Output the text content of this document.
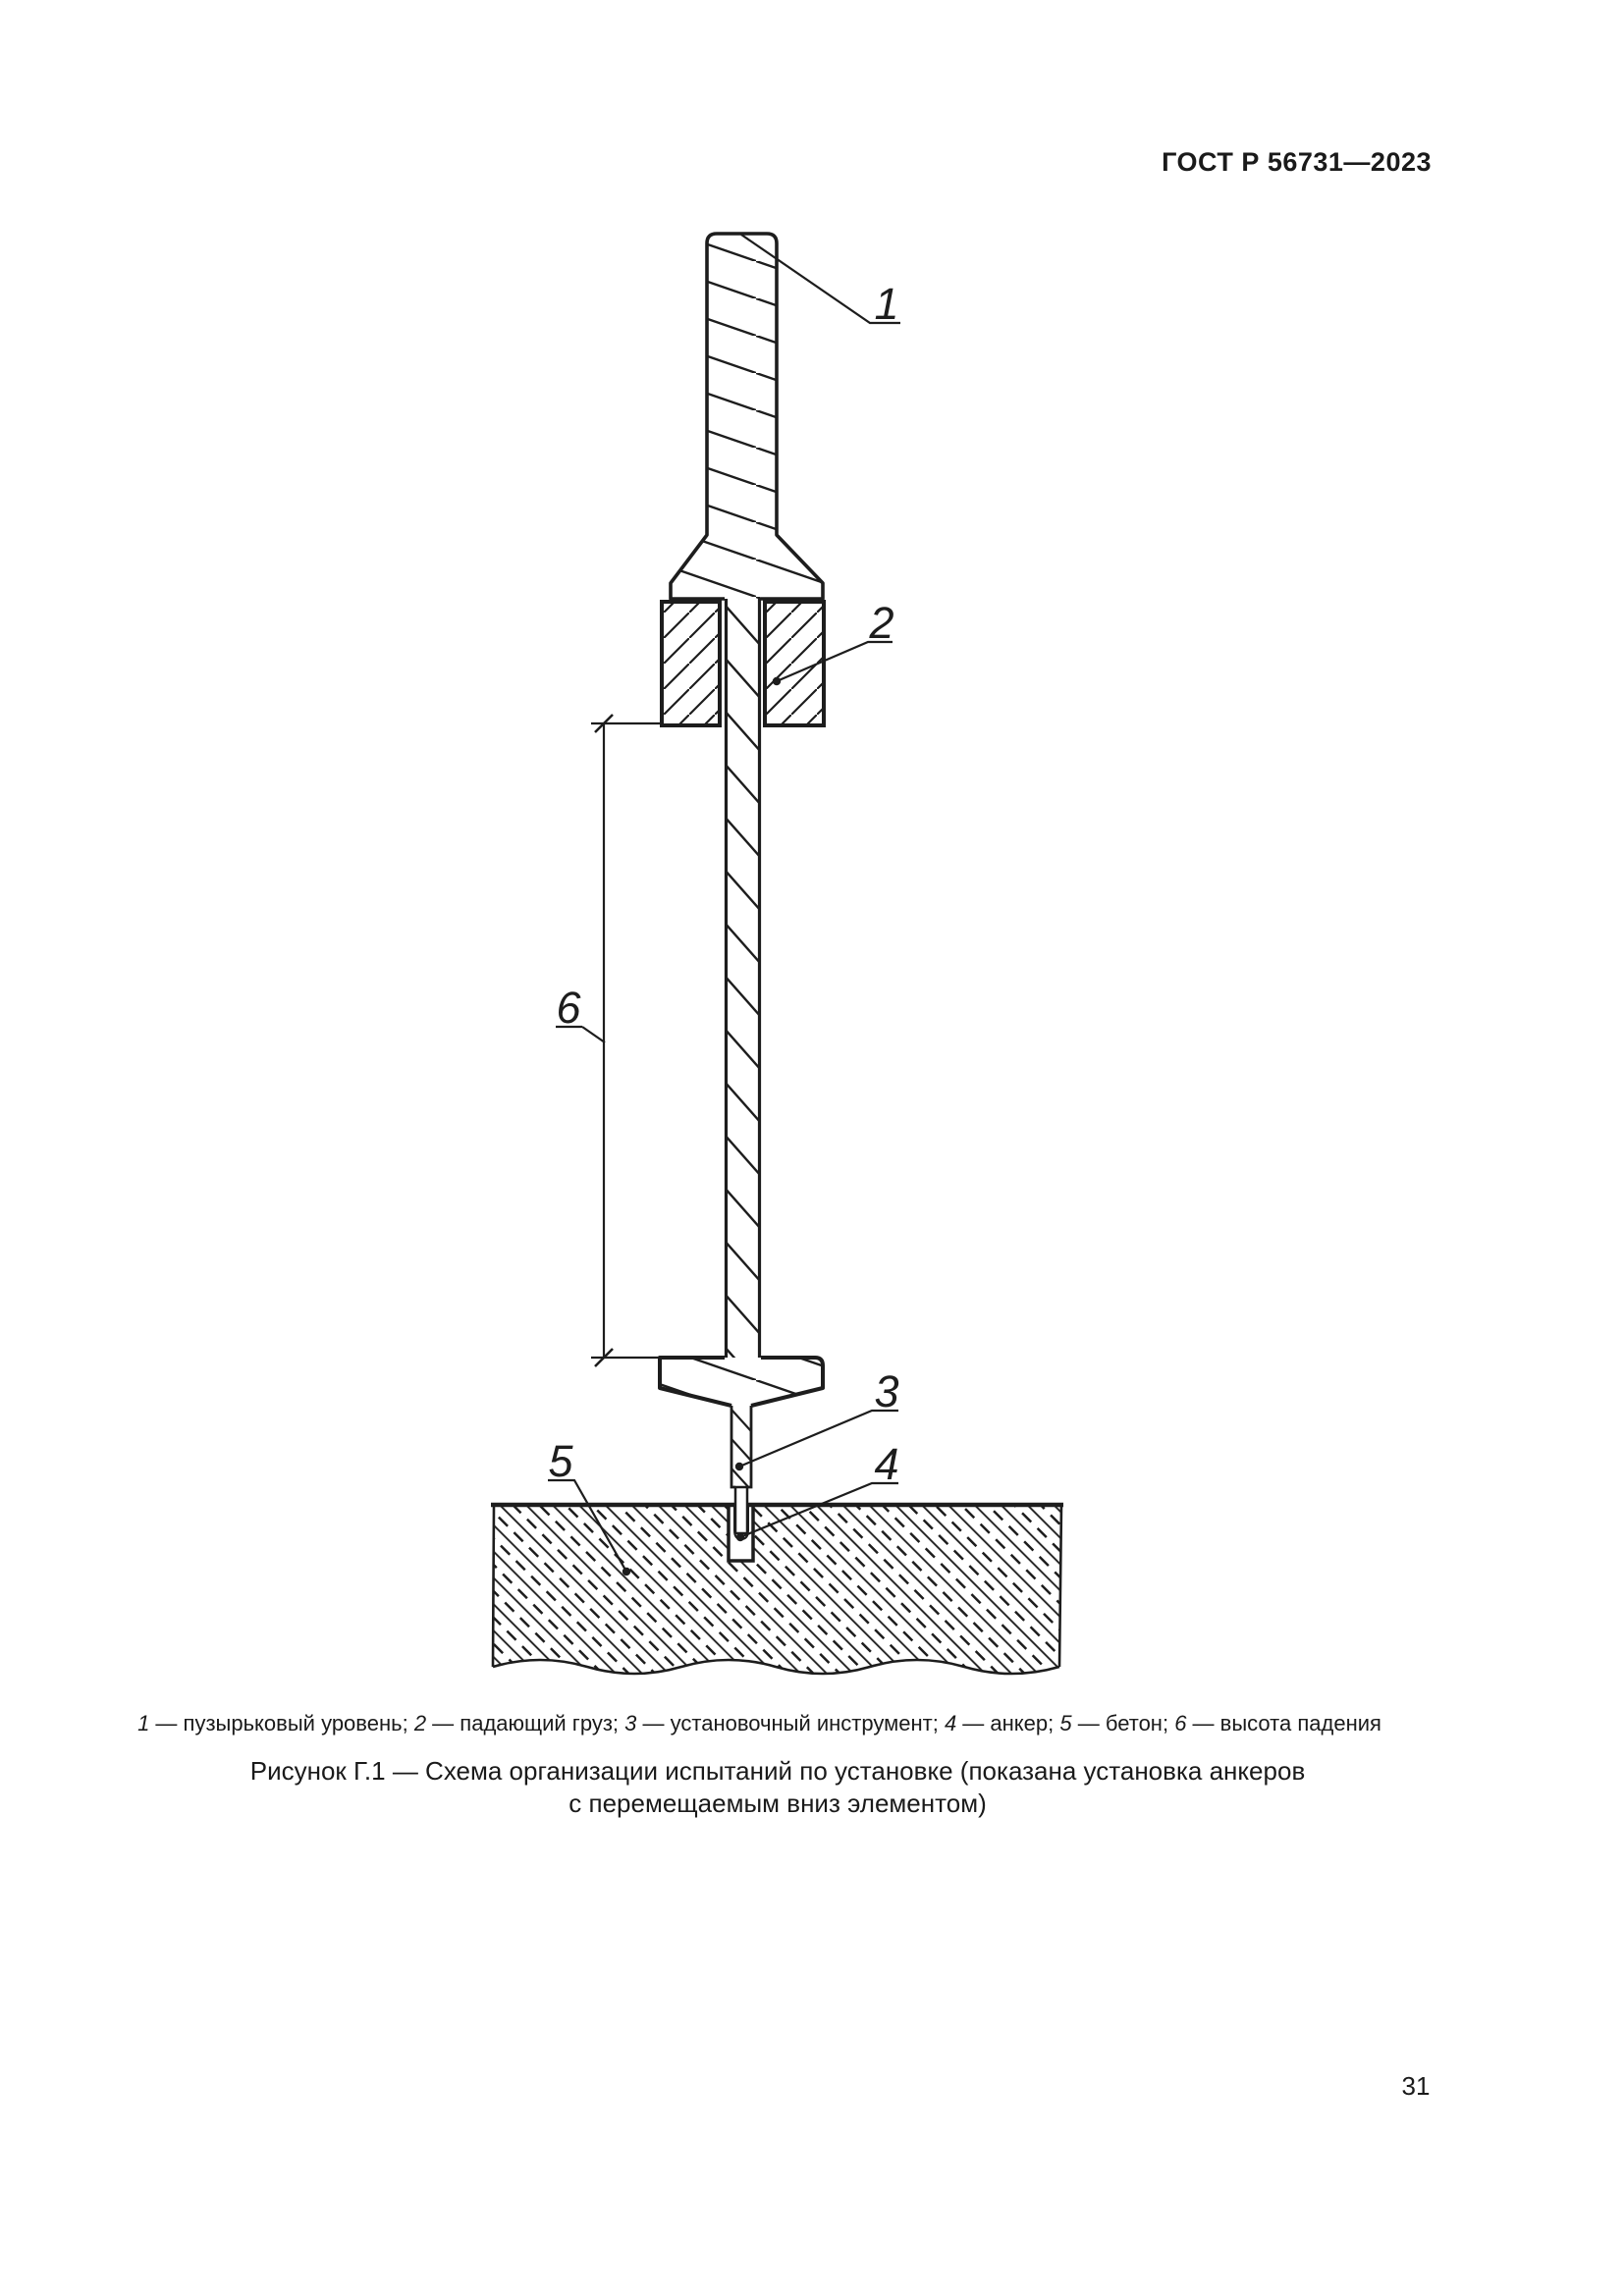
ГОСТ Р 56731—2023
1
2
3
4
5
6
1 — пузырьковый уровень; 2 — падающий груз; 3 — установочный инструмент; 4 — анкер; 5 — бетон; 6 — высота падения
Рисунок Г.1 — Схема организации испытаний по установке (показана установка анкеров
с перемещаемым вниз элементом)
31
